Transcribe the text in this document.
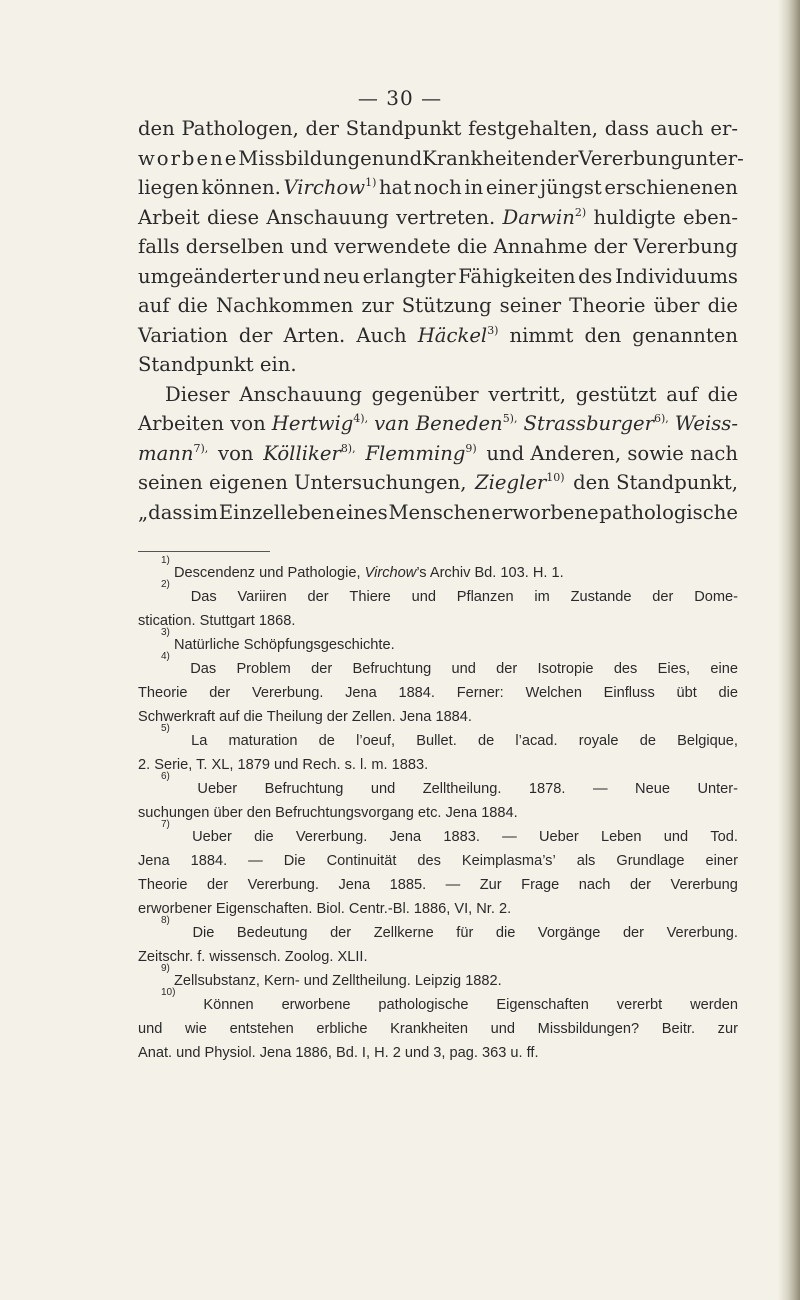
— 30 —
den Pathologen, der Standpunkt festgehalten, dass auch er-
worbene Missbildungen und Krankheiten der Vererbung unter-
liegen können. Virchow$^{1)}$ hat noch in einer jüngst erschienenen
Arbeit diese Anschauung vertreten. Darwin$^{2)}$ huldigte eben-
falls derselben und verwendete die Annahme der Vererbung
umgeänderter und neu erlangter Fähigkeiten des Individuums
auf die Nachkommen zur Stützung seiner Theorie über die
Variation der Arten. Auch Häckel$^{3)}$ nimmt den genannten
Standpunkt ein.
Dieser Anschauung gegenüber vertritt, gestützt auf die
Arbeiten von Hertwig$^{4),}$ van Beneden$^{5),}$ Strassburger$^{6),}$ Weiss-
mann$^{7),}$ von Kölliker$^{8),}$ Flemming$^{9)}$ und Anderen, sowie nach
seinen eigenen Untersuchungen, Ziegler$^{10)}$ den Standpunkt,
„dass im Einzelleben eines Menschen erworbene pathologische
1)

Descendenz und Pathologie,
Virchow ’s Archiv Bd. 103. H. 1.
2)
Das Variiren der Thiere und Pflanzen im Zustande der Dome-
stication. Stuttgart 1868.
3)

Natürliche Schöpfungsgeschichte.
4)
Das Problem der Befruchtung und der Isotropie des Eies, eine
Theorie der Vererbung. Jena 1884. Ferner: Welchen Einfluss übt die
Schwerkraft auf die Theilung der Zellen. Jena 1884.
5)
La maturation de l’oeuf, Bullet. de l’acad. royale de Belgique,
2. Serie, T. XL, 1879 und Rech. s. l. m. 1883.
6)
Ueber Befruchtung und Zelltheilung. 1878. — Neue Unter-
suchungen über den Befruchtungsvorgang etc. Jena 1884.
7)
Ueber die Vererbung. Jena 1883. — Ueber Leben und Tod.
Jena 1884. — Die Continuität des Keimplasma’s’ als Grundlage einer
Theorie der Vererbung. Jena 1885. — Zur Frage nach der Vererbung
erworbener Eigenschaften. Biol. Centr.-Bl. 1886, VI, Nr. 2.
8)
Die Bedeutung der Zellkerne für die Vorgänge der Vererbung.
Zeitschr. f. wissensch. Zoolog. XLII.
9)

Zellsubstanz, Kern- und Zelltheilung. Leipzig 1882.
10)
Können erworbene pathologische Eigenschaften vererbt werden
und wie entstehen erbliche Krankheiten und Missbildungen? Beitr. zur
Anat. und Physiol. Jena 1886, Bd. I, H. 2 und 3, pag. 363 u. ff.
